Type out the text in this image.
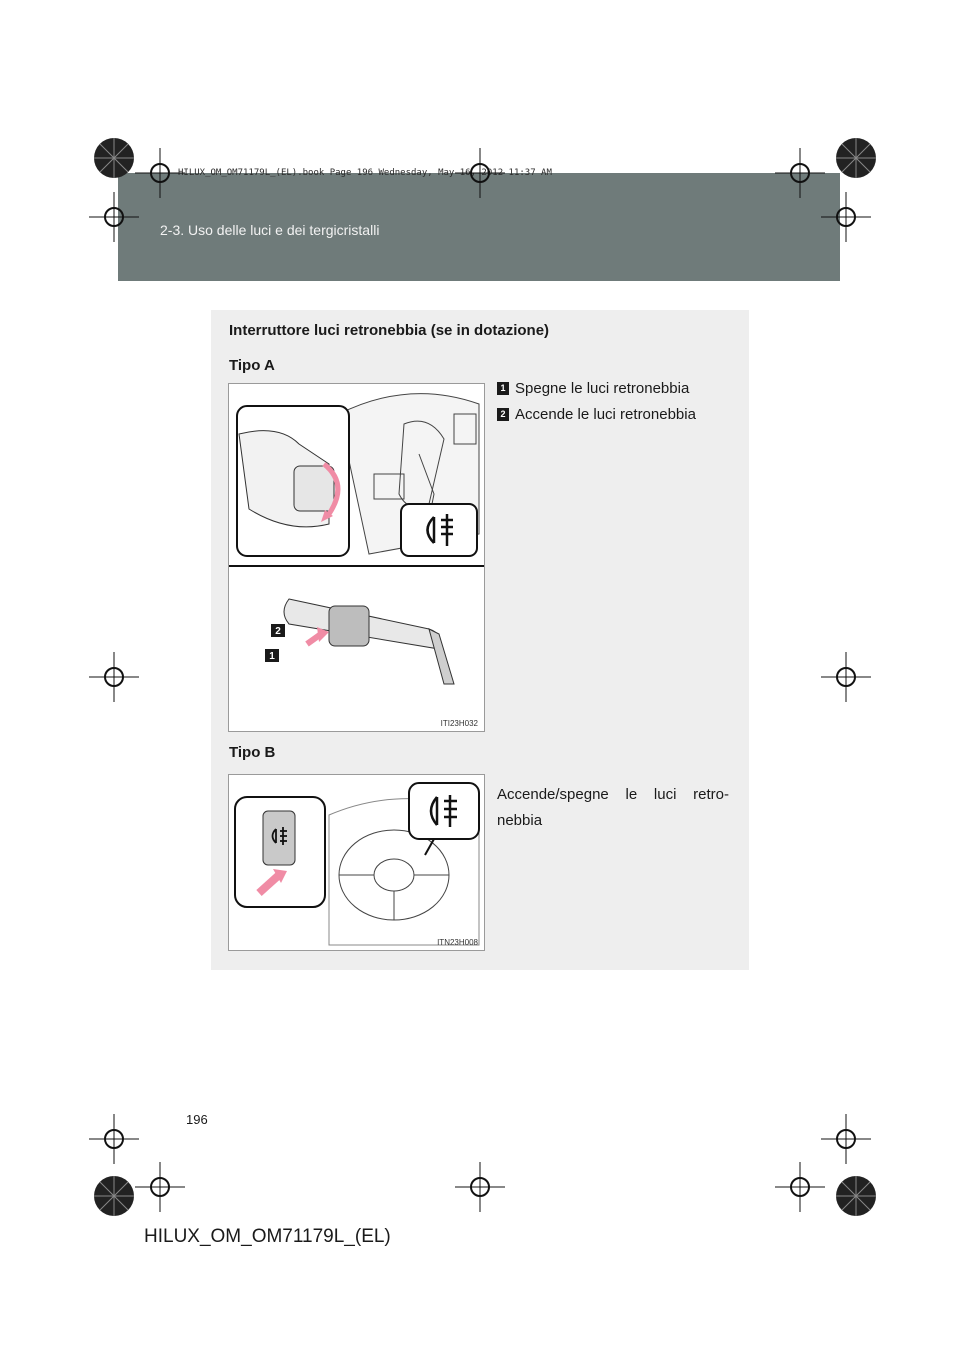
HILUX_OM_OM71179L_(EL).book Page 196 Wednesday, May 16, 2012 11:37 AM
2-3. Uso delle luci e dei tergicristalli
Interruttore luci retronebbia (se in dotazione)
Tipo A
2
1
ITI23H032
1 Spegne le luci retronebbia
2 Accende le luci retronebbia
Tipo B
ITN23H008
Accende/spegne le luci retro-nebbia
196
HILUX_OM_OM71179L_(EL)
